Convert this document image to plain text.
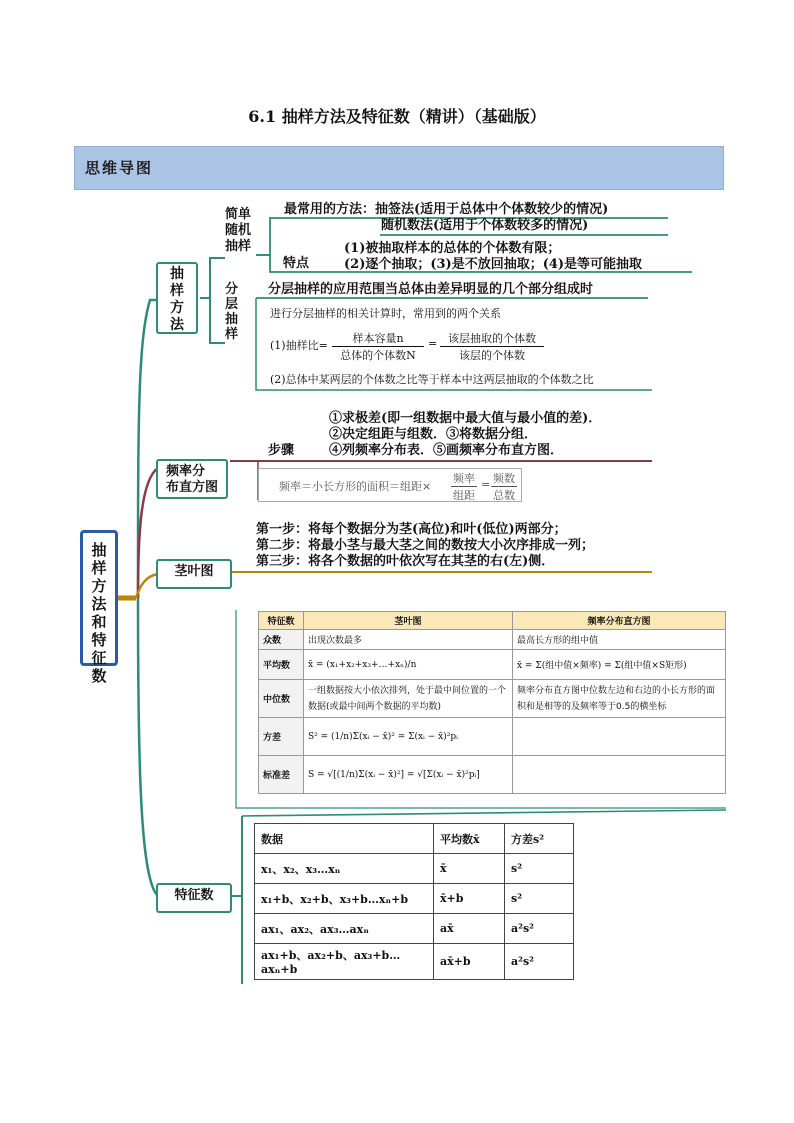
6.1 抽样方法及特征数（精讲）（基础版）
思维导图
抽
样
方
法
和
特
征
数
抽
样
方
法
简单
随机
抽样
最常用的方法：抽签法(适用于总体中个体数较少的情况)
随机数法(适用于个体数较多的情况)
特点
(1)被抽取样本的总体的个体数有限；
(2)逐个抽取；(3)是不放回抽取；(4)是等可能抽取
分
层
抽
样
分层抽样的应用范围当总体由差异明显的几个部分组成时
进行分层抽样的相关计算时，常用到的两个关系
(1)抽样比=
样本容量n
总体的个体数N
= 该层抽取的个体数
该层的个体数
(2)总体中某两层的个体数之比等于样本中这两层抽取的个体数之比
频率分
布直方图
步骤
①求极差(即一组数据中最大值与最小值的差)．
②决定组距与组数．③将数据分组．
④列频率分布表．⑤画频率分布直方图．
频率＝小长方形的面积＝组距×
频率
组距
= 频数
总数
茎叶图
第一步：将每个数据分为茎(高位)和叶(低位)两部分；
第二步：将最小茎与最大茎之间的数按大小次序排成一列；
第三步：将各个数据的叶依次写在其茎的右(左)侧．
特征数	茎叶图	频率分布直方图
众数	出现次数最多	最高长方形的组中值
平均数	x̄ = (x₁+x₂+x₃+…+xₙ)/n	x̄ = Σ(组中值×频率) = Σ(组中值×S矩形)
中位数	一组数据按大小依次排列，处于最中间位置的一个数据(或最中间两个数据的平均数)	频率分布直方图中位数左边和右边的小长方形的面积和是相等的及频率等于0.5的横坐标
方差	S² = (1/n)Σ(xᵢ − x̄)² = Σ(xᵢ − x̄)²pᵢ	
标准差	S = √[(1/n)Σ(xᵢ − x̄)²] = √[Σ(xᵢ − x̄)²pᵢ]	
特征数
数据	平均数x̄	方差s²
x₁、x₂、x₃…xₙ	x̄	s²
x₁+b、x₂+b、x₃+b…xₙ+b	x̄+b	s²
ax₁、ax₂、ax₃…axₙ	ax̄	a²s²
ax₁+b、ax₂+b、ax₃+b…axₙ+b	ax̄+b	a²s²
